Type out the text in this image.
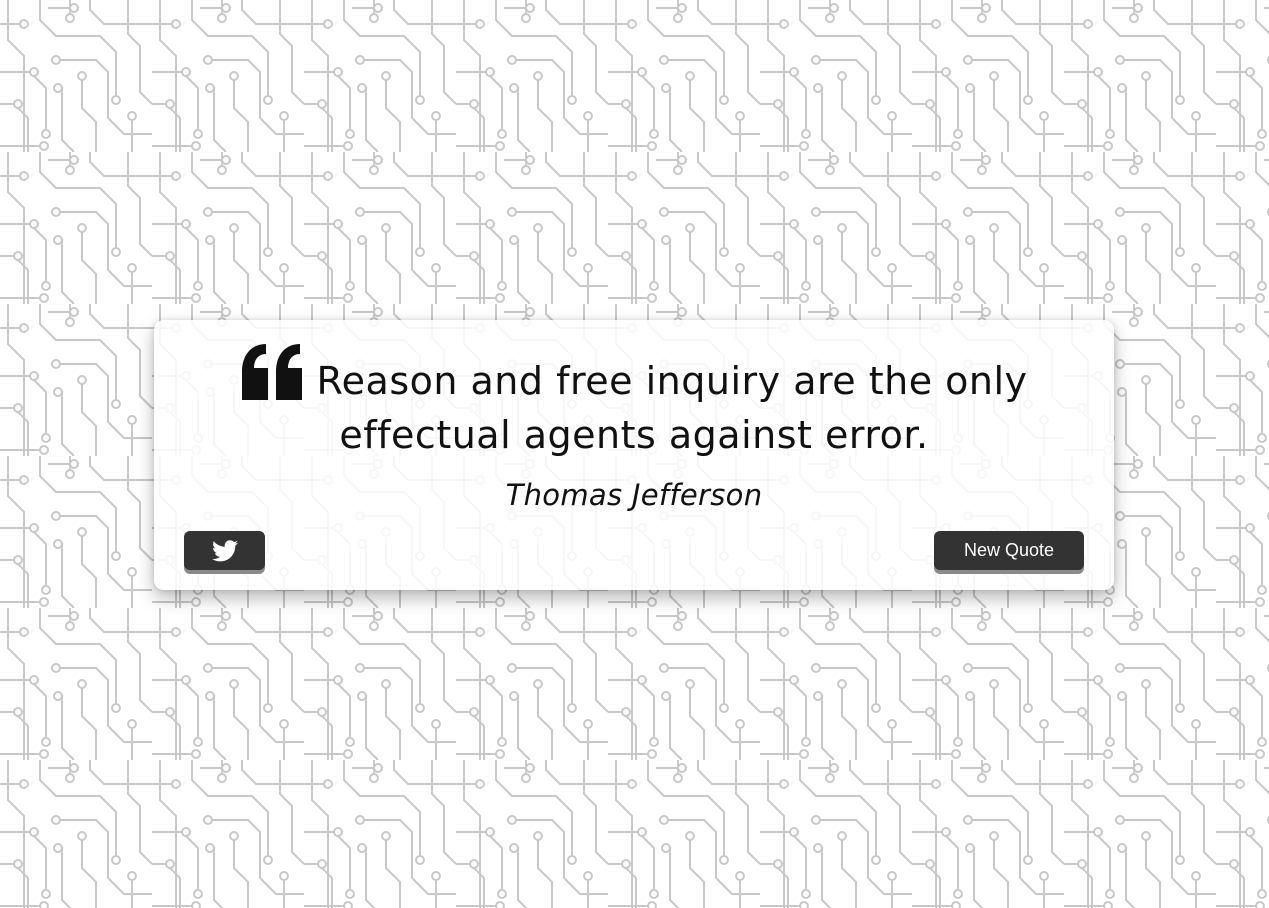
Reason and free inquiry are the only effectual agents against error.
Thomas Jefferson
New Quote
